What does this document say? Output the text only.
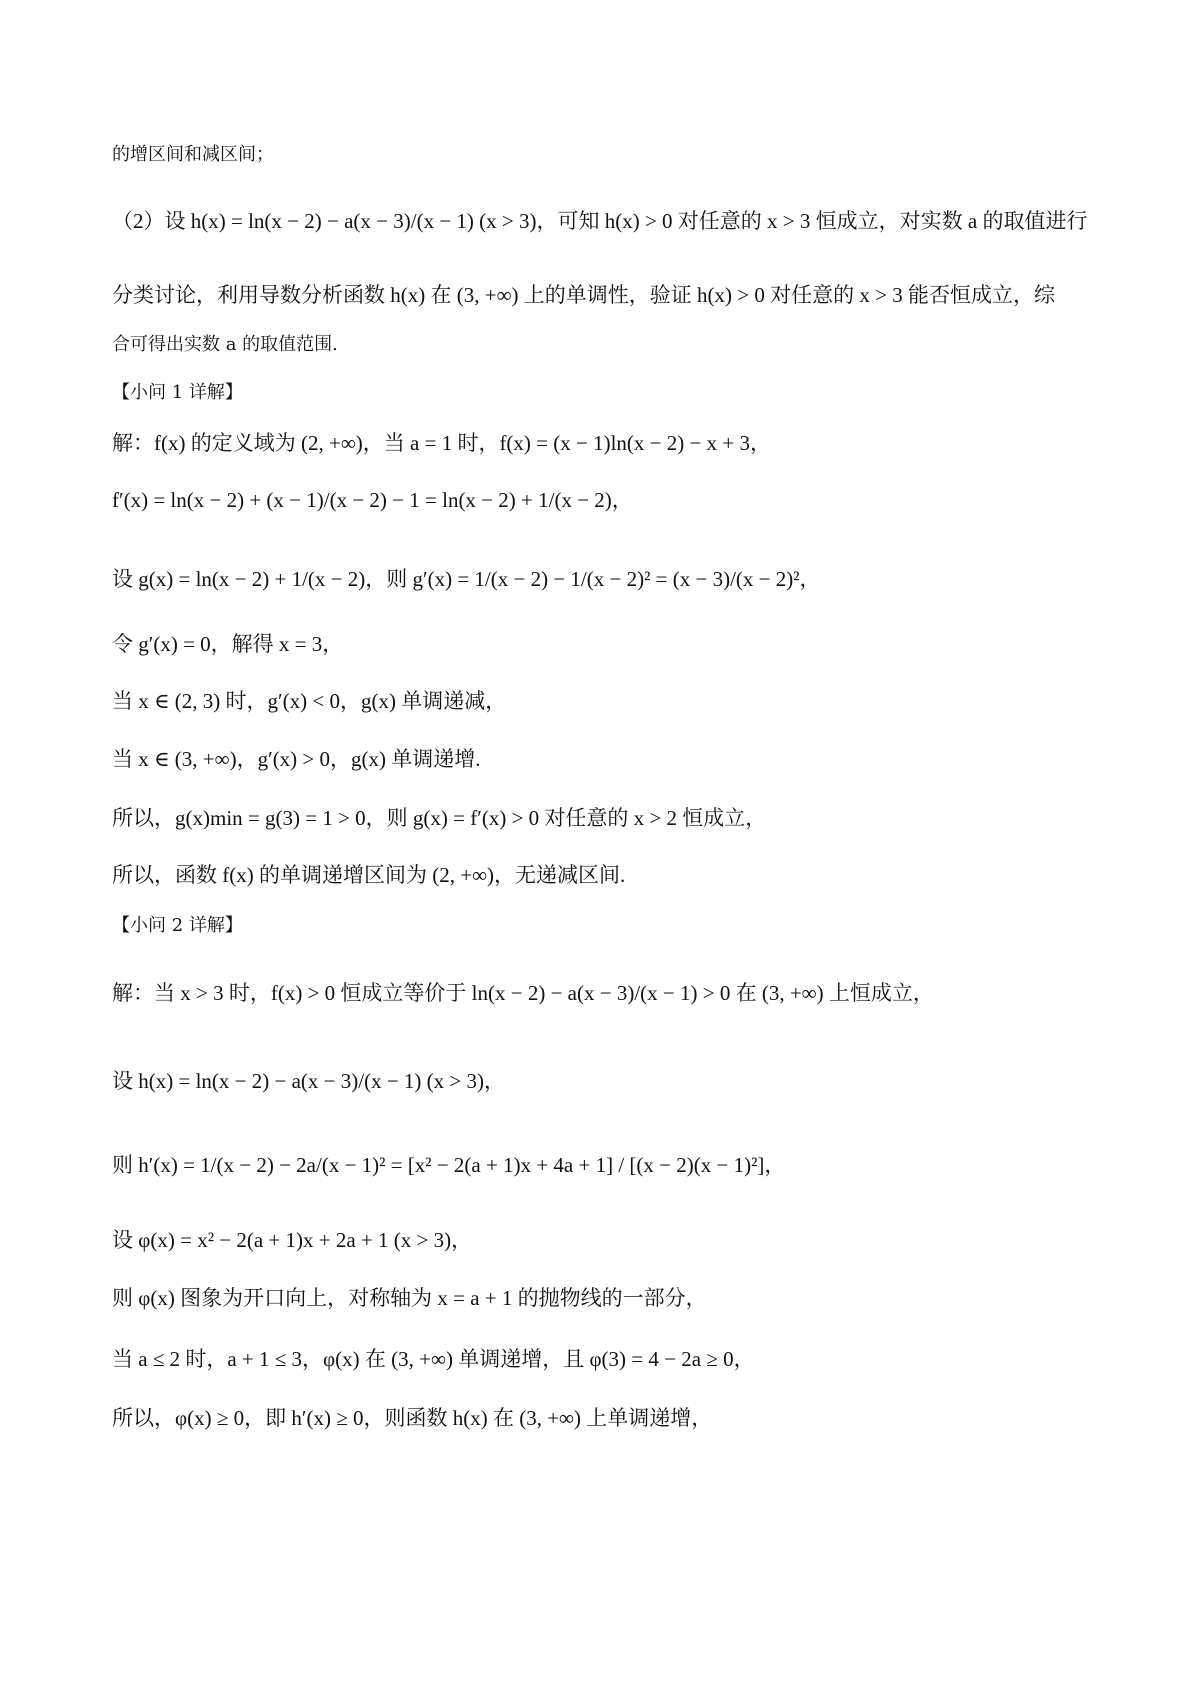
的增区间和减区间；
（2）设 h(x) = ln(x − 2) − a(x − 3)/(x − 1) (x > 3)，可知 h(x) > 0 对任意的 x > 3 恒成立，对实数 a 的取值进行
分类讨论，利用导数分析函数 h(x) 在 (3, +∞) 上的单调性，验证 h(x) > 0 对任意的 x > 3 能否恒成立，综
合可得出实数 a 的取值范围.
【小问 1 详解】
解：f(x) 的定义域为 (2, +∞)，当 a = 1 时，f(x) = (x − 1)ln(x − 2) − x + 3，
f′(x) = ln(x − 2) + (x − 1)/(x − 2) − 1 = ln(x − 2) + 1/(x − 2)，
设 g(x) = ln(x − 2) + 1/(x − 2)，则 g′(x) = 1/(x − 2) − 1/(x − 2)² = (x − 3)/(x − 2)²，
令 g′(x) = 0，解得 x = 3，
当 x ∈ (2, 3) 时，g′(x) < 0，g(x) 单调递减，
当 x ∈ (3, +∞)，g′(x) > 0，g(x) 单调递增.
所以，g(x)min = g(3) = 1 > 0，则 g(x) = f′(x) > 0 对任意的 x > 2 恒成立，
所以，函数 f(x) 的单调递增区间为 (2, +∞)，无递减区间.
【小问 2 详解】
解：当 x > 3 时，f(x) > 0 恒成立等价于 ln(x − 2) − a(x − 3)/(x − 1) > 0 在 (3, +∞) 上恒成立，
设 h(x) = ln(x − 2) − a(x − 3)/(x − 1) (x > 3)，
则 h′(x) = 1/(x − 2) − 2a/(x − 1)² = [x² − 2(a + 1)x + 4a + 1] / [(x − 2)(x − 1)²]，
设 φ(x) = x² − 2(a + 1)x + 2a + 1 (x > 3)，
则 φ(x) 图象为开口向上，对称轴为 x = a + 1 的抛物线的一部分，
当 a ≤ 2 时，a + 1 ≤ 3，φ(x) 在 (3, +∞) 单调递增，且 φ(3) = 4 − 2a ≥ 0，
所以，φ(x) ≥ 0，即 h′(x) ≥ 0，则函数 h(x) 在 (3, +∞) 上单调递增，
